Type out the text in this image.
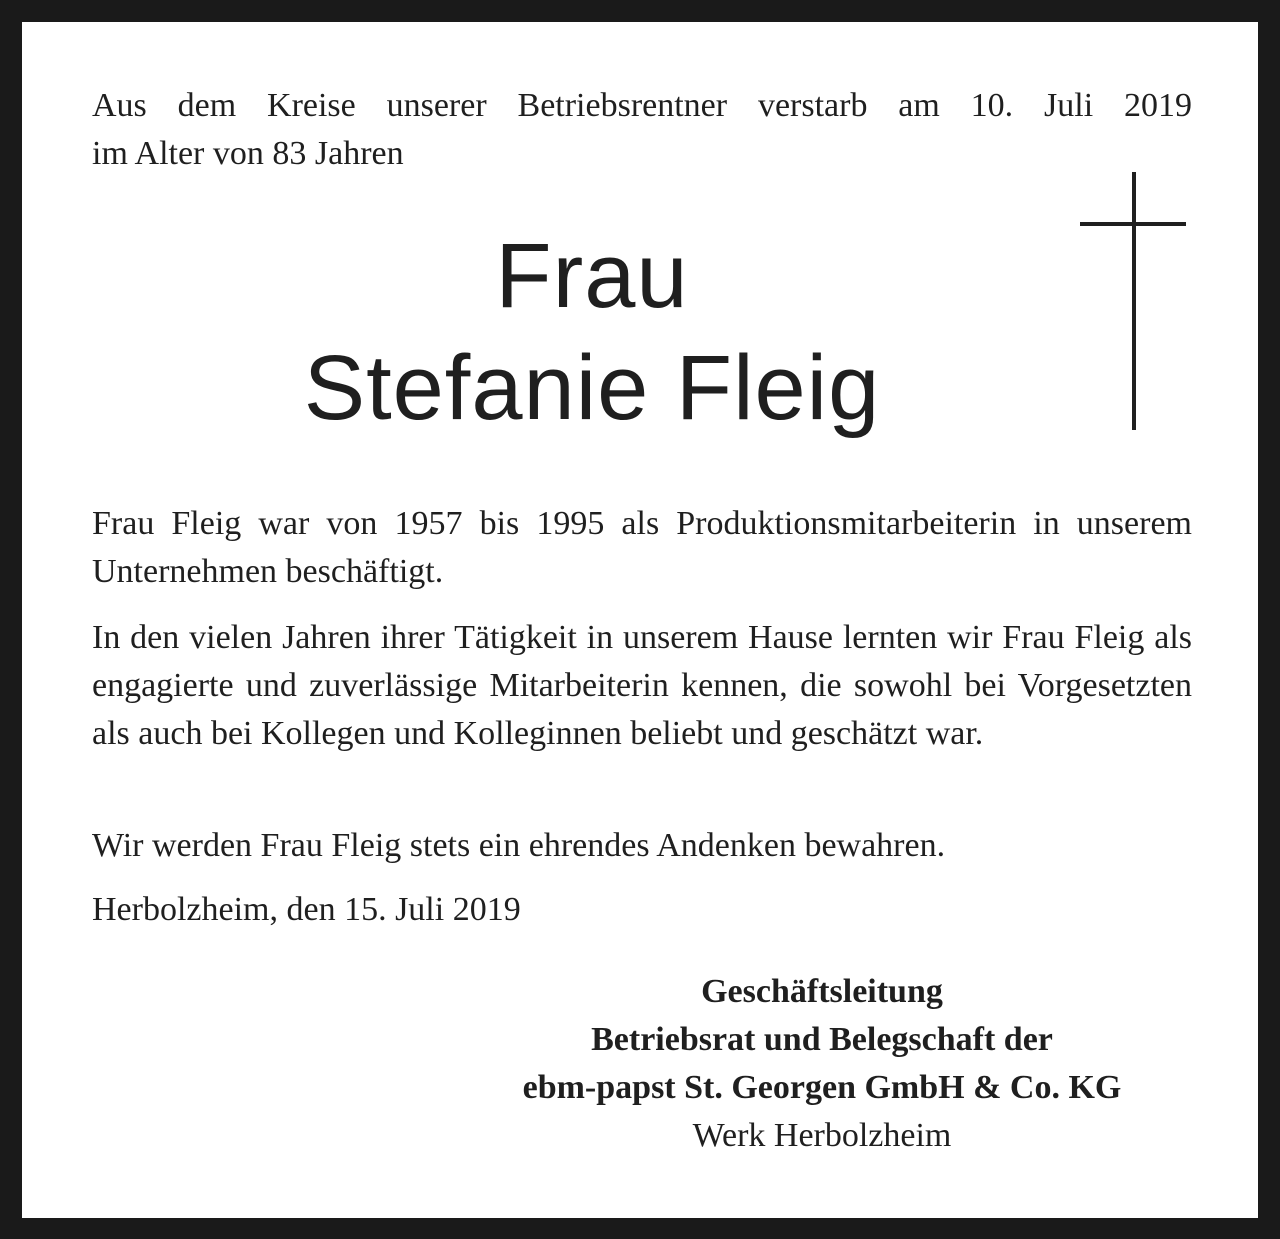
Aus dem Kreise unserer Betriebsrentner verstarb am 10. Juli 2019
im Alter von 83 Jahren

Frau
Stefanie Fleig

Frau Fleig war von 1957 bis 1995 als Produktionsmitarbeiterin in unserem Unternehmen beschäftigt.

In den vielen Jahren ihrer Tätigkeit in unserem Hause lernten wir Frau Fleig als engagierte und zuverlässige Mitarbeiterin kennen, die sowohl bei Vorgesetzten als auch bei Kollegen und Kolleginnen beliebt und geschätzt war.

Wir werden Frau Fleig stets ein ehrendes Andenken bewahren.

Herbolzheim, den 15. Juli 2019

Geschäftsleitung
Betriebsrat und Belegschaft der
ebm-papst St. Georgen GmbH & Co. KG
Werk Herbolzheim
